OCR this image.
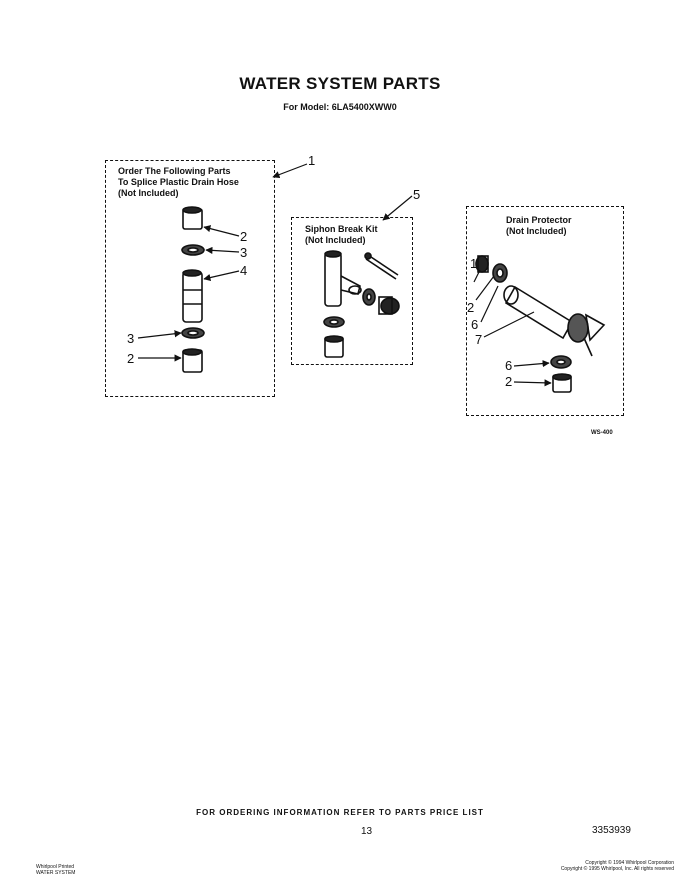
WATER SYSTEM PARTS
For Model: 6LA5400XWW0
Order The Following Parts
To Splice Plastic Drain Hose
(Not Included)
Siphon Break Kit
(Not Included)
Drain Protector
(Not Included)
1
2
3
4
3
2
5
1
2
6
7
6
2
WS-400
FOR ORDERING INFORMATION REFER TO PARTS PRICE LIST
13	3353939
Whirlpool Printed
WATER SYSTEM
Copyright © 1994 Whirlpool Corporation
Copyright © 1995 Whirlpool, Inc. All rights reserved
